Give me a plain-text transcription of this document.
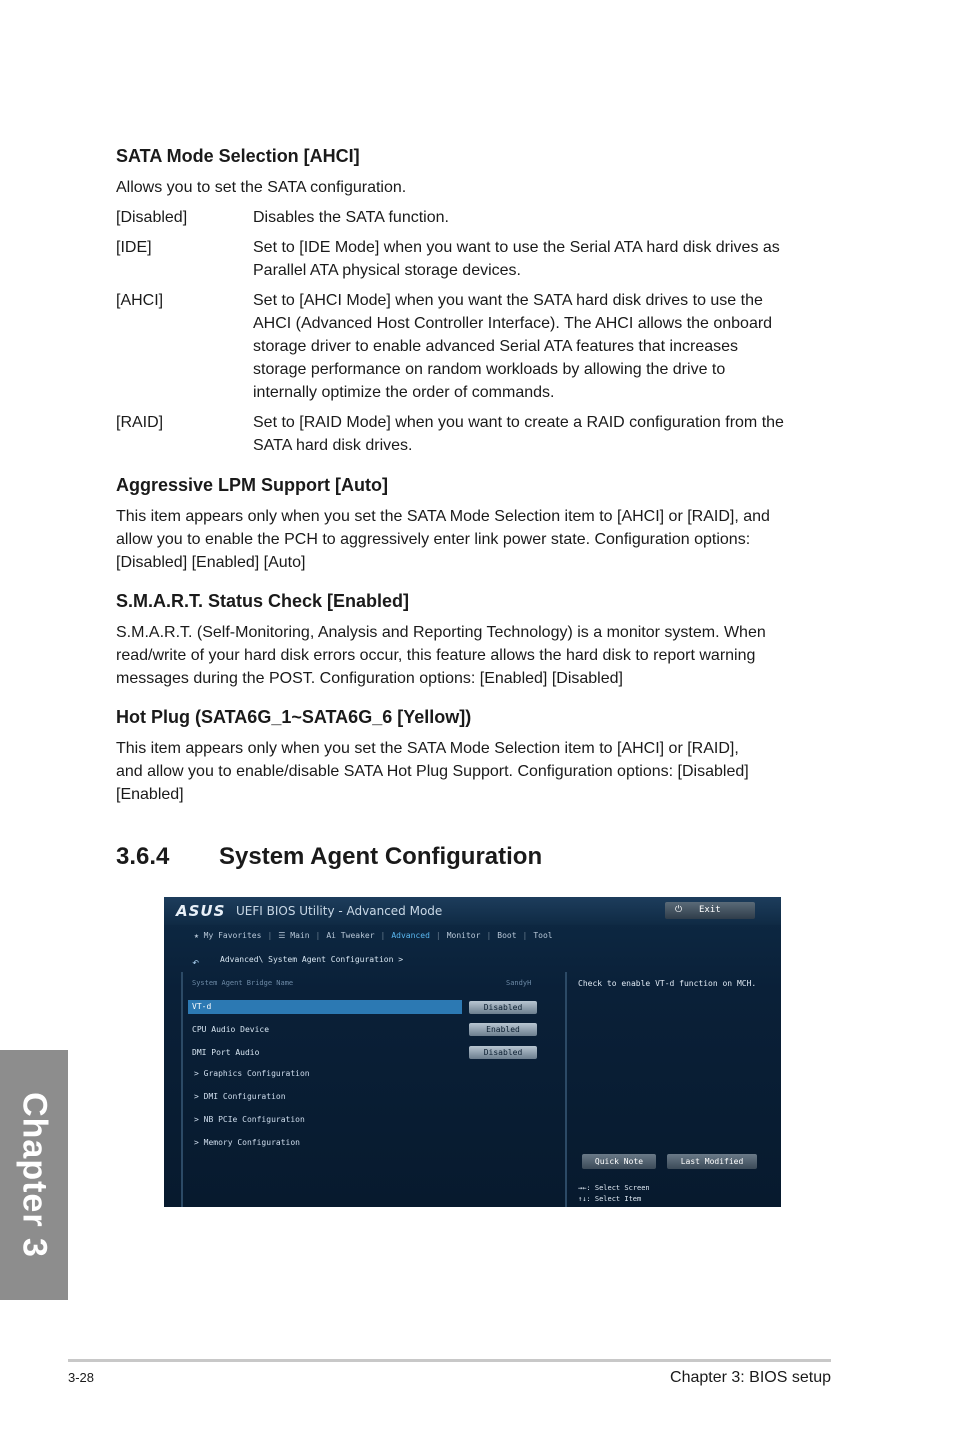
SATA Mode Selection [AHCI]

Allows you to set the SATA configuration.

[Disabled]	Disables the SATA function.
[IDE]	Set to [IDE Mode] when you want to use the Serial ATA hard disk drives as
Parallel ATA physical storage devices.
[AHCI]	Set to [AHCI Mode] when you want the SATA hard disk drives to use the
AHCI (Advanced Host Controller Interface). The AHCI allows the onboard
storage driver to enable advanced Serial ATA features that increases
storage performance on random workloads by allowing the drive to
internally optimize the order of commands.
[RAID]	Set to [RAID Mode] when you want to create a RAID configuration from the
SATA hard disk drives.
Aggressive LPM Support [Auto]
This item appears only when you set the SATA Mode Selection item to [AHCI] or [RAID], and
allow you to enable the PCH to aggressively enter link power state. Configuration options:
[Disabled] [Enabled] [Auto]
S.M.A.R.T. Status Check [Enabled]
S.M.A.R.T. (Self-Monitoring, Analysis and Reporting Technology) is a monitor system. When
read/write of your hard disk errors occur, this feature allows the hard disk to report warning
messages during the POST. Configuration options: [Enabled] [Disabled]
Hot Plug (SATA6G_1~SATA6G_6 [Yellow])
This item appears only when you set the SATA Mode Selection item to [AHCI] or [RAID],
and allow you to enable/disable SATA Hot Plug Support. Configuration options: [Disabled]
[Enabled]
3.6.4 System Agent Configuration
ASUS UEFI BIOS Utility - Advanced Mode	⏻ Exit
★ My Favorites | ☰ Main | Ai Tweaker | Advanced | Monitor | Boot | Tool
↶	Advanced\ System Agent Configuration >
System Agent Bridge Name	SandyH
VT-d	Disabled
CPU Audio Device	Enabled
DMI Port Audio	Disabled
> Graphics Configuration
> DMI Configuration
> NB PCIe Configuration
> Memory Configuration
Check to enable VT-d function on MCH.
Quick Note	Last Modified
→←: Select Screen
↑↓: Select Item
Chapter 3
3-28	Chapter 3: BIOS setup
